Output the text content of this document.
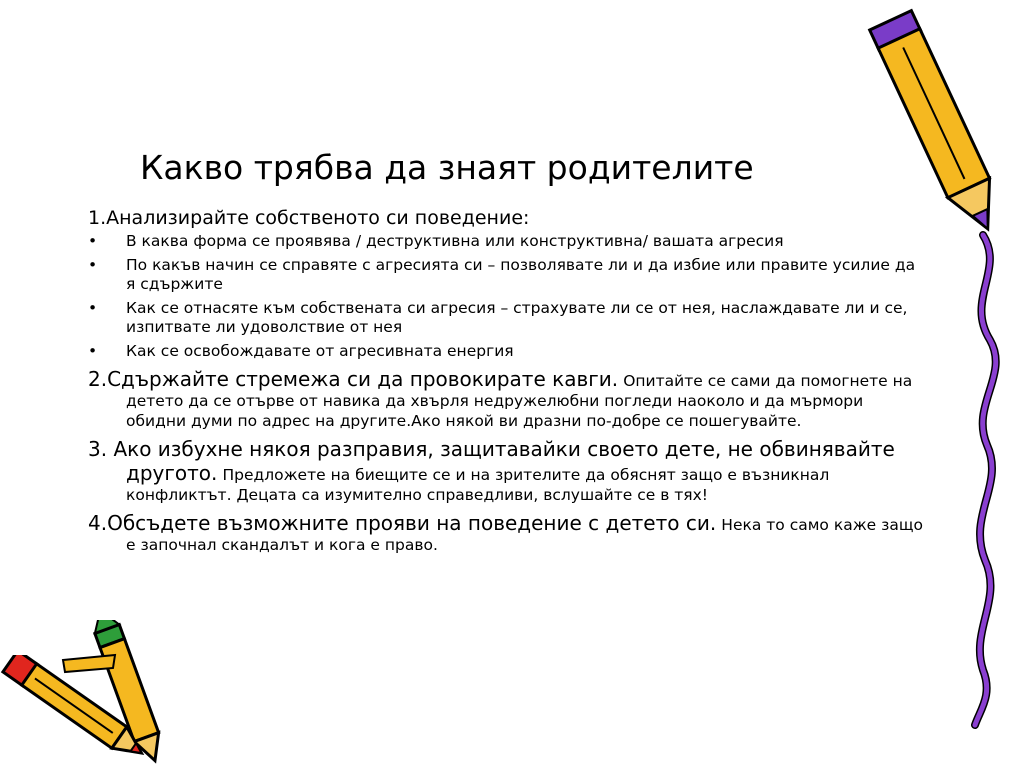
Какво трябва да знаят родителите

1.Анализирайте собственото си поведение:

• В каква форма се проявява / деструктивна или конструктивна/ вашата агресия
• По какъв начин се справяте с агресията си – позволявате ли и да избие или правите усилие да я сдържите
• Как се отнасяте към собствената си агресия – страхувате ли се от нея, наслаждавате ли и се, изпитвате ли удоволствие от нея
• Как се освобождавате от агресивната енергия

2.Сдържайте стремежа си да провокирате кавги. Опитайте се сами да помогнете на детето да се отърве от навика да хвърля недружелюбни погледи наоколо и да мърмори обидни думи по адрес на другите.Ако някой ви дразни по-добре се пошегувайте.

3. Ако избухне някоя разправия, защитавайки своето дете, не обвинявайте другото. Предложете на биещите се и на зрителите да обяснят защо е възникнал конфликтът. Децата са изумително справедливи, вслушайте се в тях!

4.Обсъдете възможните прояви на поведение с детето си. Нека то само каже защо е започнал скандалът и кога е право.
